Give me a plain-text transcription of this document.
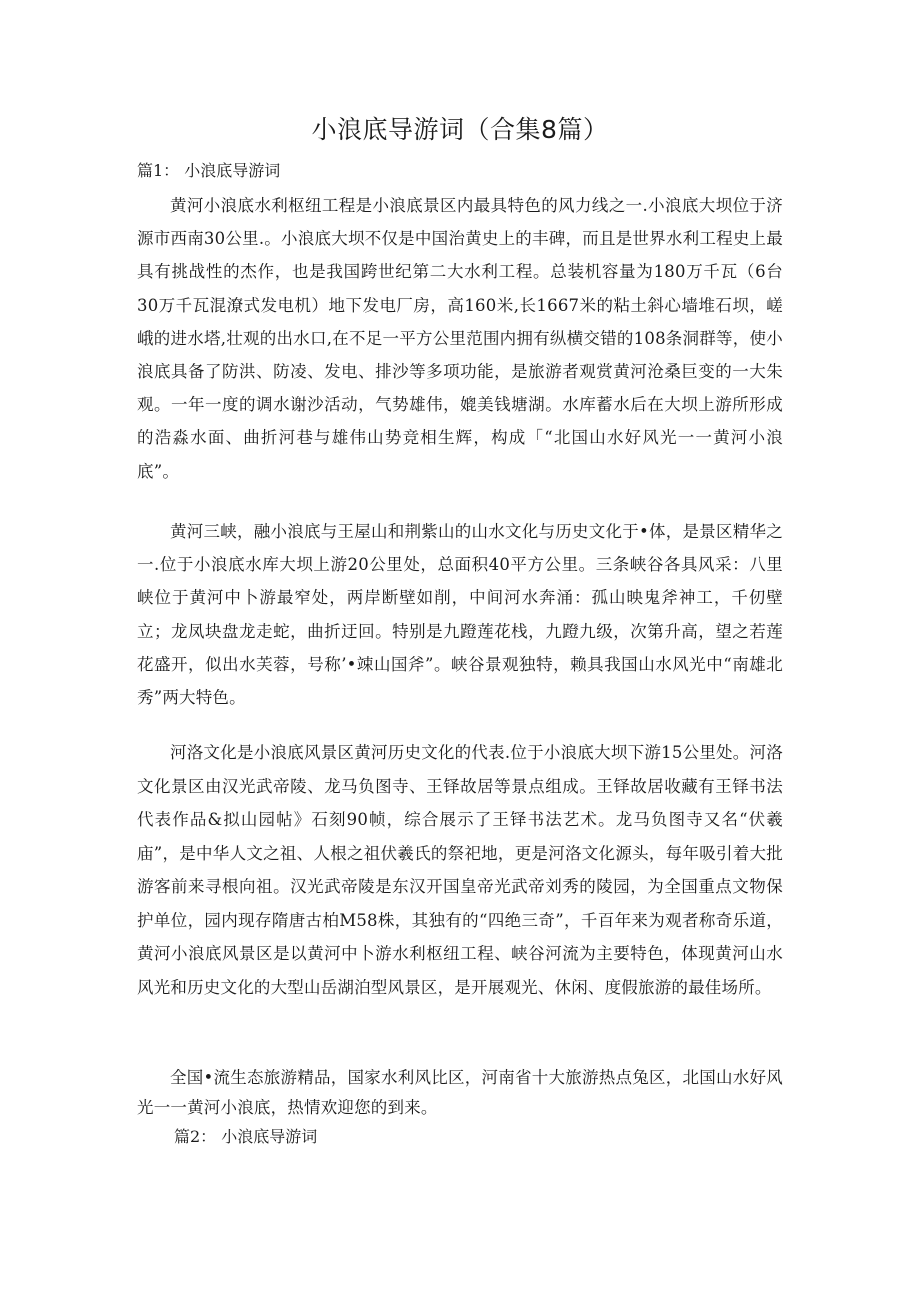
小浪底导游词（合集8篇）
篇1： 小浪底导游词

黄河小浪底水利枢纽工程是小浪底景区内最具特色的风力线之一.小浪底大坝位于济源市西南30公里.。小浪底大坝不仅是中国治黄史上的丰碑，而且是世界水利工程史上最具有挑战性的杰作，也是我国跨世纪第二大水利工程。总装机容量为180万千瓦（6台30万千瓦混潦式发电机）地下发电厂房，高160米,长1667米的粘土斜心墙堆石坝，嵯峨的进水塔,壮观的出水口,在不足一平方公里范围内拥有纵横交错的108条洞群等，使小浪底具备了防洪、防凌、发电、排沙等多项功能，是旅游者观赏黄河沧桑巨变的一大朱观。一年一度的调水谢沙活动，气势雄伟，媲美钱塘湖。水库蓄水后在大坝上游所形成的浩淼水面、曲折河巷与雄伟山势竞相生辉，构成「“北国山水好风光一一黄河小浪底”。

黄河三峡，融小浪底与王屋山和荆紫山的山水文化与历史文化于•体，是景区精华之一.位于小浪底水库大坝上游20公里处，总面积40平方公里。三条峡谷各具风采：八里峡位于黄河中卜游最窄处，两岸断壁如削，中间河水奔涌：孤山映鬼斧神工，千仞壁立；龙凤块盘龙走蛇，曲折迂回。特别是九蹬莲花栈，九蹬九级，次第升高，望之若莲花盛开，似出水芙蓉，号称’•竦山国斧”。峡谷景观独特，赖具我国山水风光中“南雄北秀”两大特色。

河洛文化是小浪底风景区黄河历史文化的代表.位于小浪底大坝下游15公里处。河洛文化景区由汉光武帝陵、龙马负图寺、王铎故居等景点组成。王铎故居收藏有王铎书法代表作品&拟山园帖》石刻90帧，综合展示了王铎书法艺术。龙马负图寺又名“伏羲庙”，是中华人文之祖、人根之祖伏羲氏的祭祀地，更是河洛文化源头，每年吸引着大批游客前来寻根向祖。汉光武帝陵是东汉开国皇帝光武帝刘秀的陵园，为全国重点文物保护单位，园内现存隋唐古柏M58株，其独有的“四绝三奇”，千百年来为观者称奇乐道，黄河小浪底风景区是以黄河中卜游水利枢纽工程、峡谷河流为主要特色，体现黄河山水风光和历史文化的大型山岳湖泊型风景区，是开展观光、休闲、度假旅游的最佳场所。

全国•流生态旅游精品，国家水利风比区，河南省十大旅游热点兔区，北国山水好风光一一黄河小浪底，热情欢迎您的到来。

篇2： 小浪底导游词
